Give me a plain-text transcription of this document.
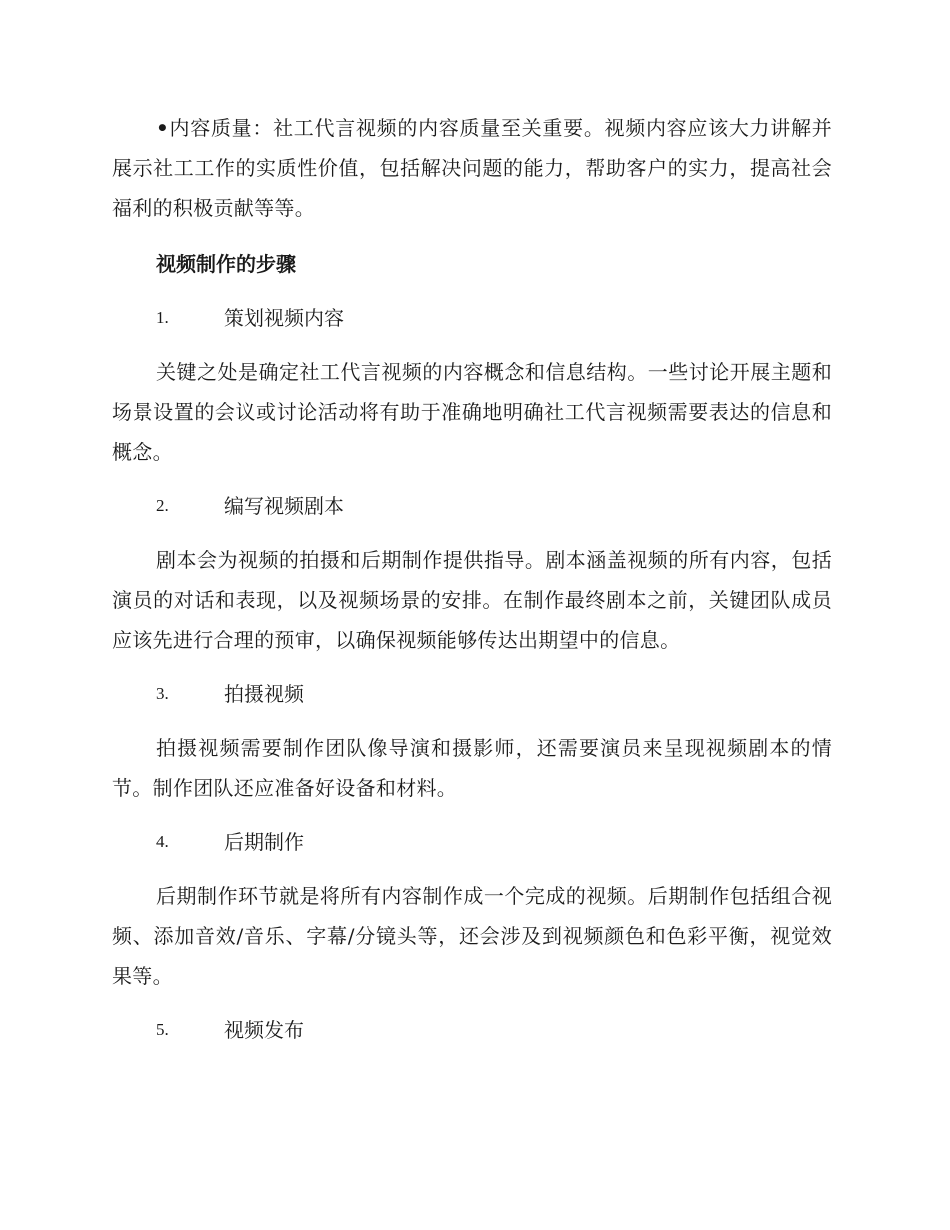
•内容质量：社工代言视频的内容质量至关重要。视频内容应该大力讲解并展示社工工作的实质性价值，包括解决问题的能力，帮助客户的实力，提高社会福利的积极贡献等等。

视频制作的步骤
1.	策划视频内容

关键之处是确定社工代言视频的内容概念和信息结构。一些讨论开展主题和场景设置的会议或讨论活动将有助于准确地明确社工代言视频需要表达的信息和概念。

2.	编写视频剧本

剧本会为视频的拍摄和后期制作提供指导。剧本涵盖视频的所有内容，包括演员的对话和表现，以及视频场景的安排。在制作最终剧本之前，关键团队成员应该先进行合理的预审，以确保视频能够传达出期望中的信息。

3.	拍摄视频

拍摄视频需要制作团队像导演和摄影师，还需要演员来呈现视频剧本的情节。制作团队还应准备好设备和材料。

4.	后期制作

后期制作环节就是将所有内容制作成一个完成的视频。后期制作包括组合视频、添加音效/音乐、字幕/分镜头等，还会涉及到视频颜色和色彩平衡，视觉效果等。

5.	视频发布
